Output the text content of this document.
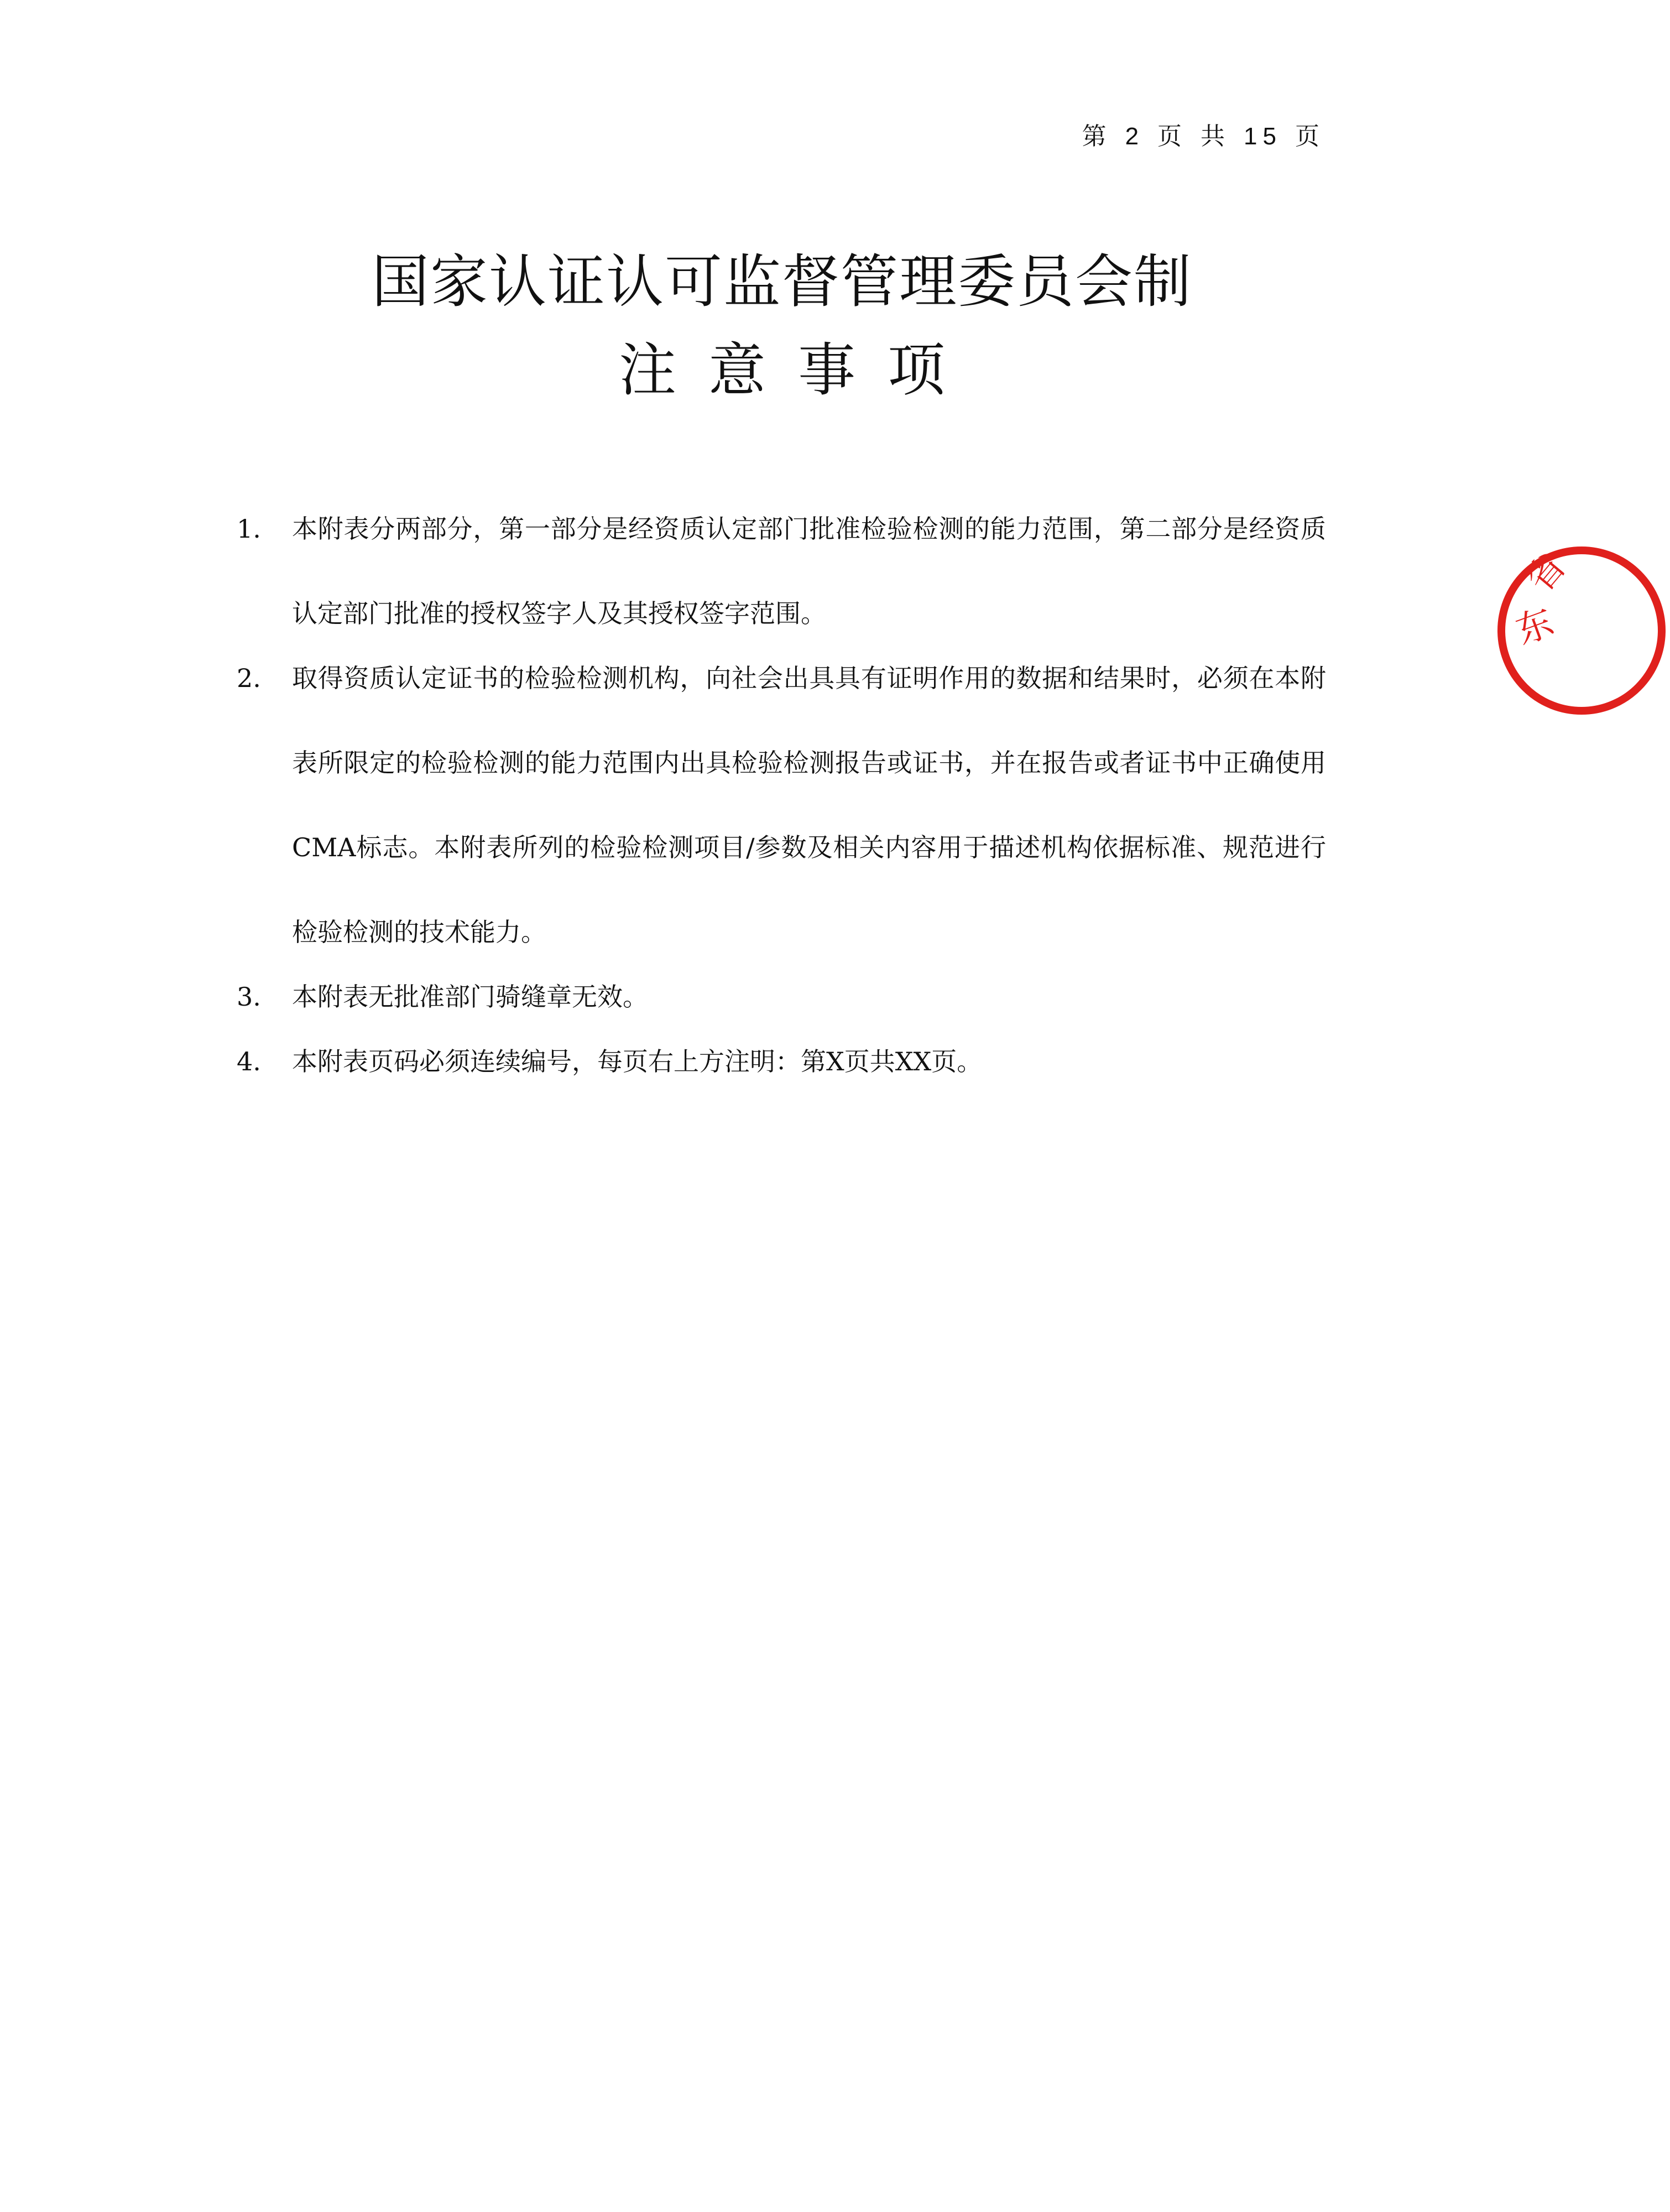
第 2 页 共 15 页
国家认证认可监督管理委员会制
注意事项
1.	本附表分两部分，第一部分是经资质认定部门批准检验检测的能力范围，第二部分是经资质认定部门批准的授权签字人及其授权签字范围。
2.	取得资质认定证书的检验检测机构，向社会出具具有证明作用的数据和结果时，必须在本附表所限定的检验检测的能力范围内出具检验检测报告或证书，并在报告或者证书中正确使用CMA标志。本附表所列的检验检测项目/参数及相关内容用于描述机构依据标准、规范进行检验检测的技术能力。
3.	本附表无批准部门骑缝章无效。
4.	本附表页码必须连续编号，每页右上方注明：第X页共XX页。
东
省
